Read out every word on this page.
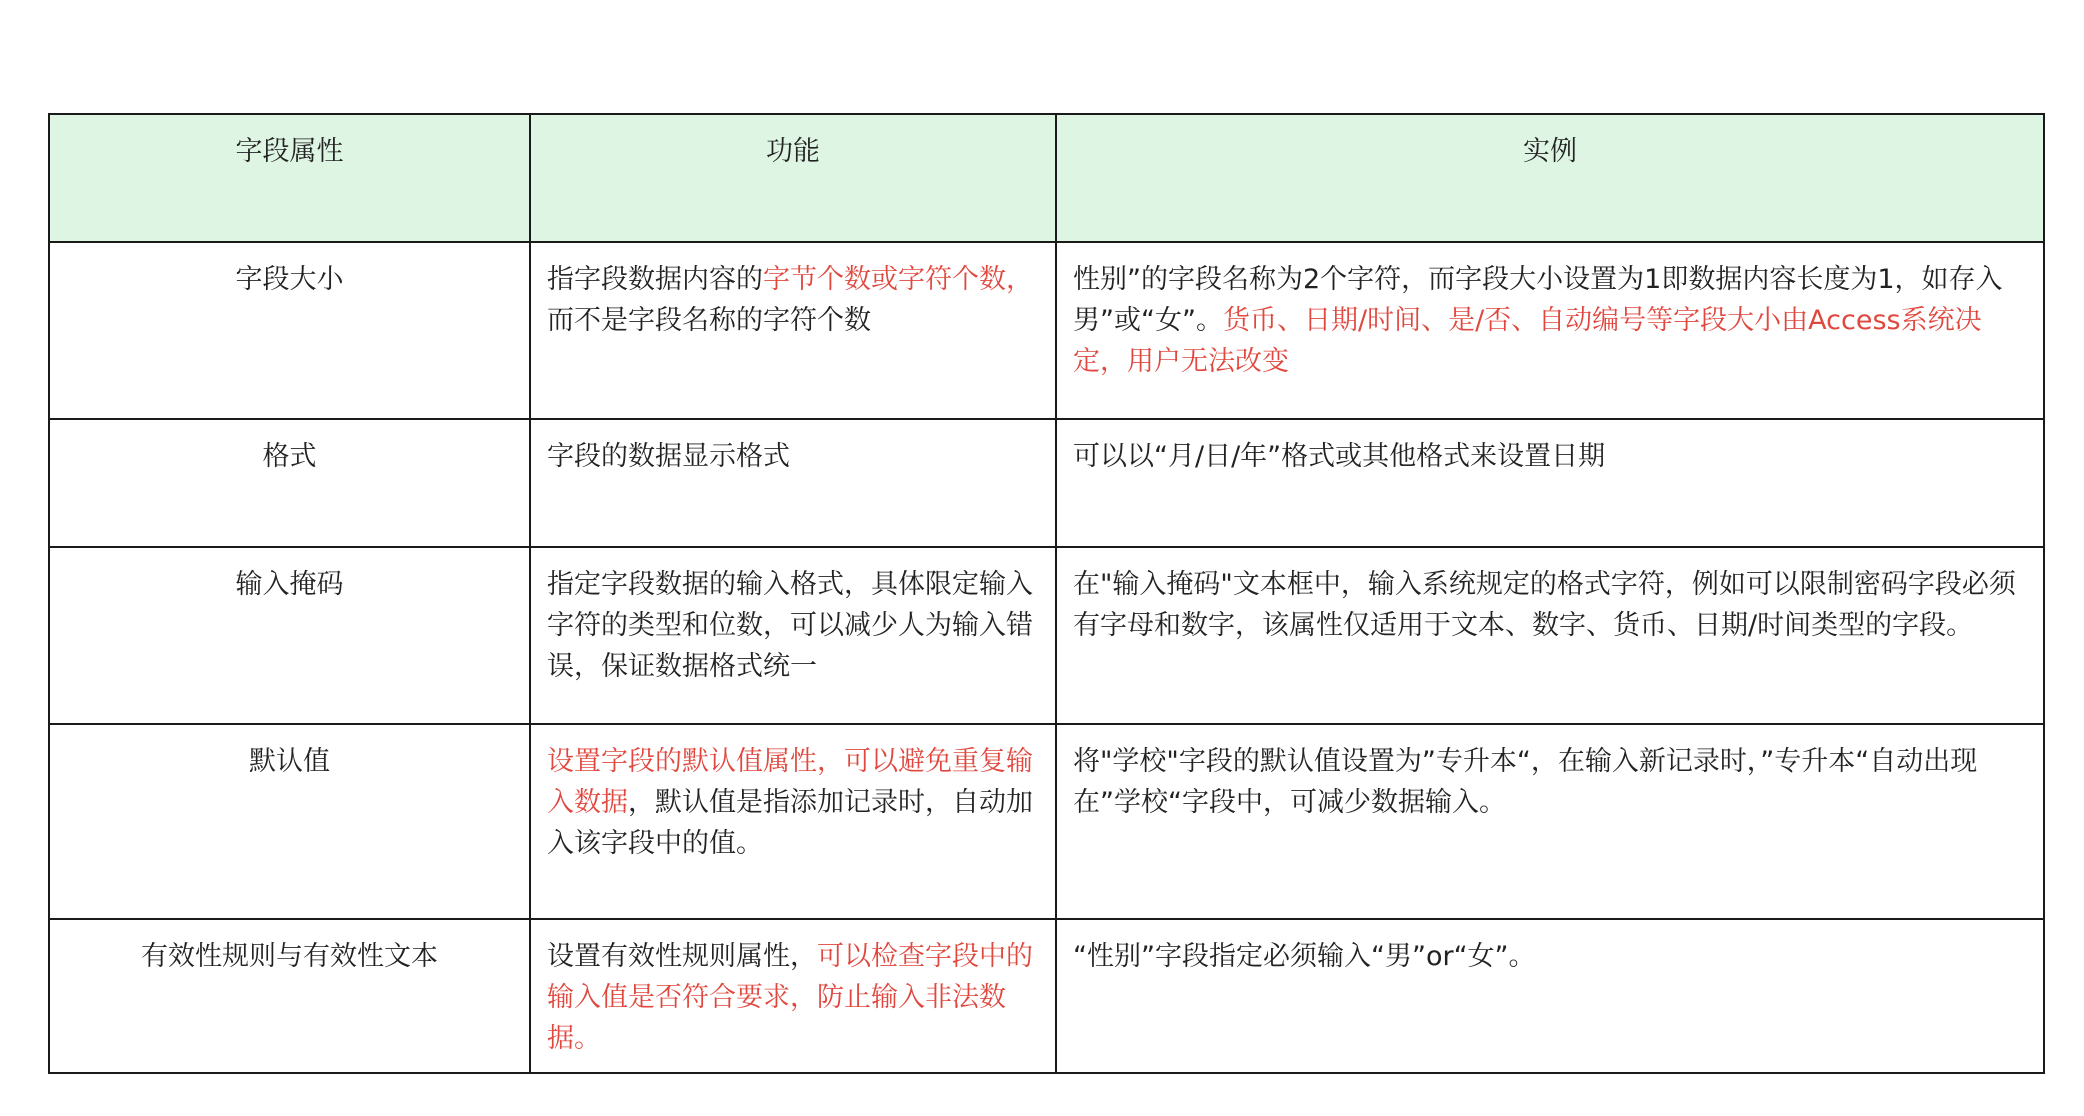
字段属性	功能	实例
字段大小	指字段数据内容的字节个数或字符个数，而不是字段名称的字符个数	性别”的字段名称为2个字符，而字段大小设置为1即数据内容长度为1，如存入男”或“女”。货币、日期/时间、是/否、自动编号等字段大小由Access系统决定，用户无法改变
格式	字段的数据显示格式	可以以“月/日/年”格式或其他格式来设置日期
输入掩码	指定字段数据的输入格式，具体限定输入字符的类型和位数，可以减少人为输入错误，保证数据格式统一	在"输入掩码"文本框中，输入系统规定的格式字符，例如可以限制密码字段必须有字母和数字，该属性仅适用于文本、数字、货币、日期/时间类型的字段。
默认值	设置字段的默认值属性，可以避免重复输入数据，默认值是指添加记录时，自动加入该字段中的值。	将"学校"字段的默认值设置为”专升本“，在输入新记录时，”专升本“自动出现在”学校“字段中，可减少数据输入。
有效性规则与有效性文本	设置有效性规则属性，可以检查字段中的输入值是否符合要求，防止输入非法数据。	“性别”字段指定必须输入“男”or“女”。
